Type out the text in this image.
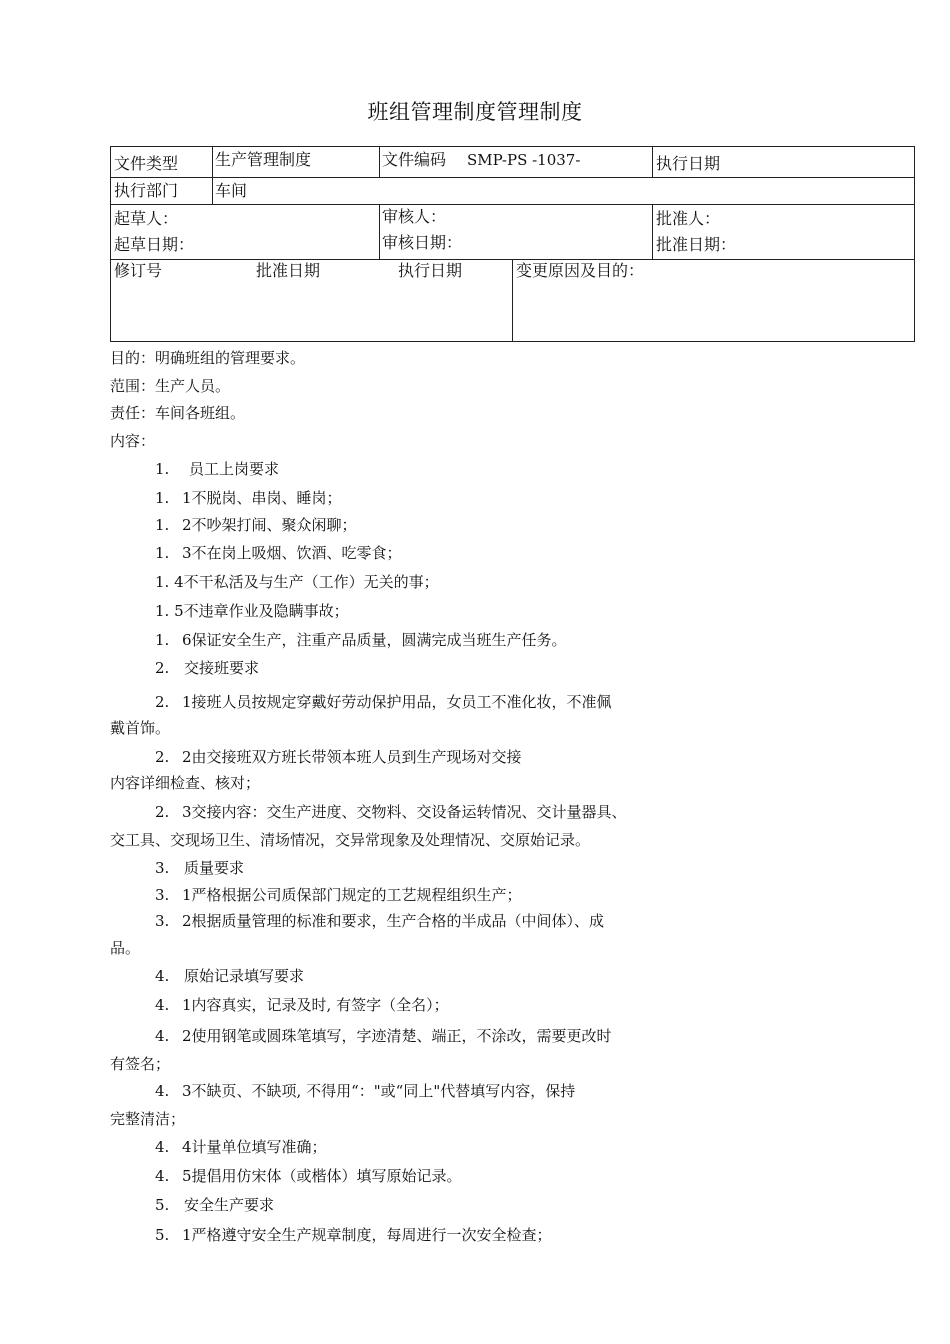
班组管理制度管理制度
文件类型 生产管理制度	文件编码 SMP-PS -1037-	执行日期
执行部门 车间
起草人：
起草日期：
审核人：
审核日期：
批准人：
批准日期：
修订号	批准日期	执行日期	变更原因及目的：
目的：明确班组的管理要求。
范围：生产人员。
责任：车间各班组。
内容：
1. 员工上岗要求
1. 1不脱岗、串岗、睡岗；
1. 2不吵架打闹、聚众闲聊；
1. 3不在岗上吸烟、饮酒、吃零食；
1. 4不干私活及与生产（工作）无关的事；
1. 5不违章作业及隐瞒事故；
1. 6保证安全生产，注重产品质量，圆满完成当班生产任务。
2. 交接班要求
2. 1接班人员按规定穿戴好劳动保护用品，女员工不准化妆，不准佩
戴首饰。
2. 2由交接班双方班长带领本班人员到生产现场对交接
内容详细检查、核对；
2. 3交接内容：交生产进度、交物料、交设备运转情况、交计量器具、
交工具、交现场卫生、清场情况，交异常现象及处理情况、交原始记录。
3. 质量要求
3. 1严格根据公司质保部门规定的工艺规程组织生产；
3. 2根据质量管理的标准和要求，生产合格的半成品（中间体）、成
品。
4. 原始记录填写要求
4. 1内容真实，记录及时, 有签字（全名）；
4. 2使用钢笔或圆珠笔填写，字迹清楚、端正，不涂改，需要更改时
有签名；
4. 3不缺页、不缺项, 不得用“："或“同上"代替填写内容，保持
完整清洁；
4. 4计量单位填写准确；
4. 5提倡用仿宋体（或楷体）填写原始记录。
5. 安全生产要求
5. 1严格遵守安全生产规章制度，每周进行一次安全检查；
